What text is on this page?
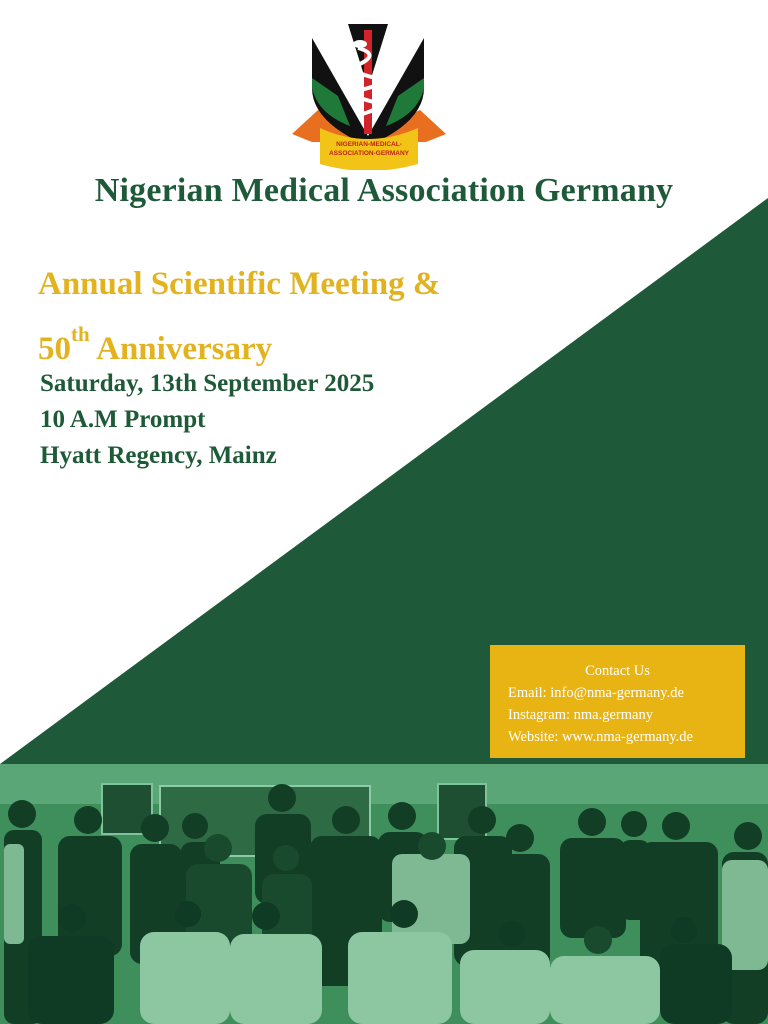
NIGERIAN-MEDICAL-
ASSOCIATION-GERMANY
Nigerian Medical Association Germany
Annual Scientific Meeting &
50th Anniversary
Saturday, 13th September 2025
10 A.M Prompt
Hyatt Regency, Mainz
Contact Us
Email: info@nma-germany.de
Instagram: nma.germany
Website: www.nma-germany.de
